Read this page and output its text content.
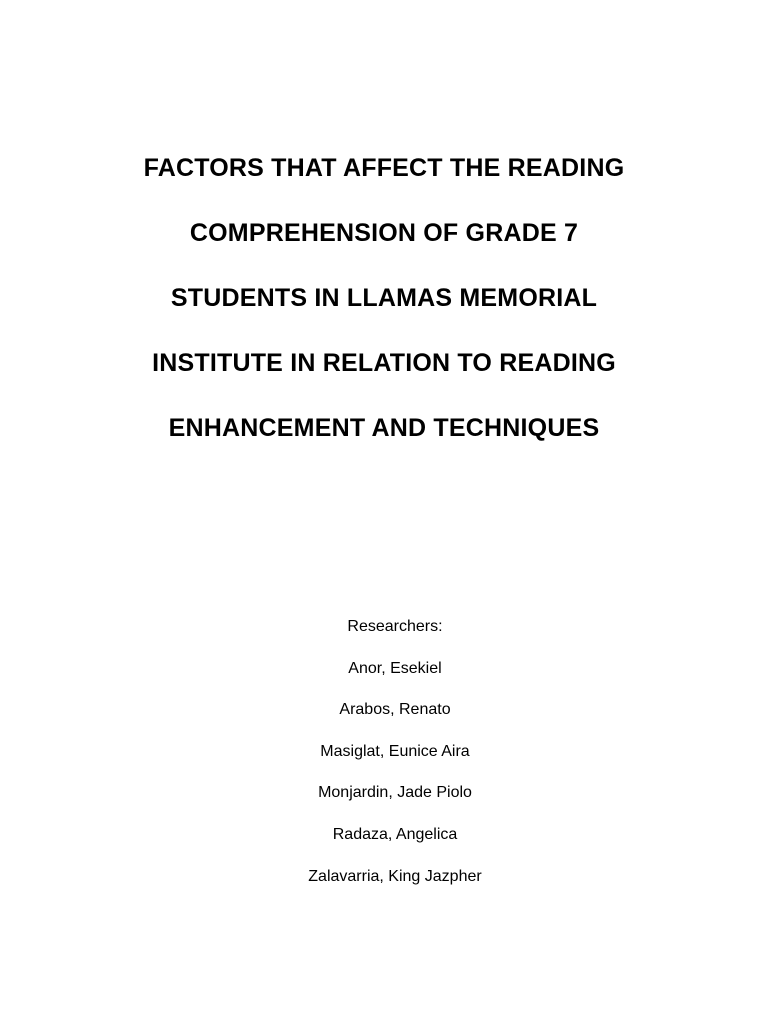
FACTORS THAT AFFECT THE READING
COMPREHENSION OF GRADE 7
STUDENTS IN LLAMAS MEMORIAL
INSTITUTE IN RELATION TO READING
ENHANCEMENT AND TECHNIQUES
Researchers:
Anor, Esekiel
Arabos, Renato
Masiglat, Eunice Aira
Monjardin, Jade Piolo
Radaza, Angelica
Zalavarria, King Jazpher
